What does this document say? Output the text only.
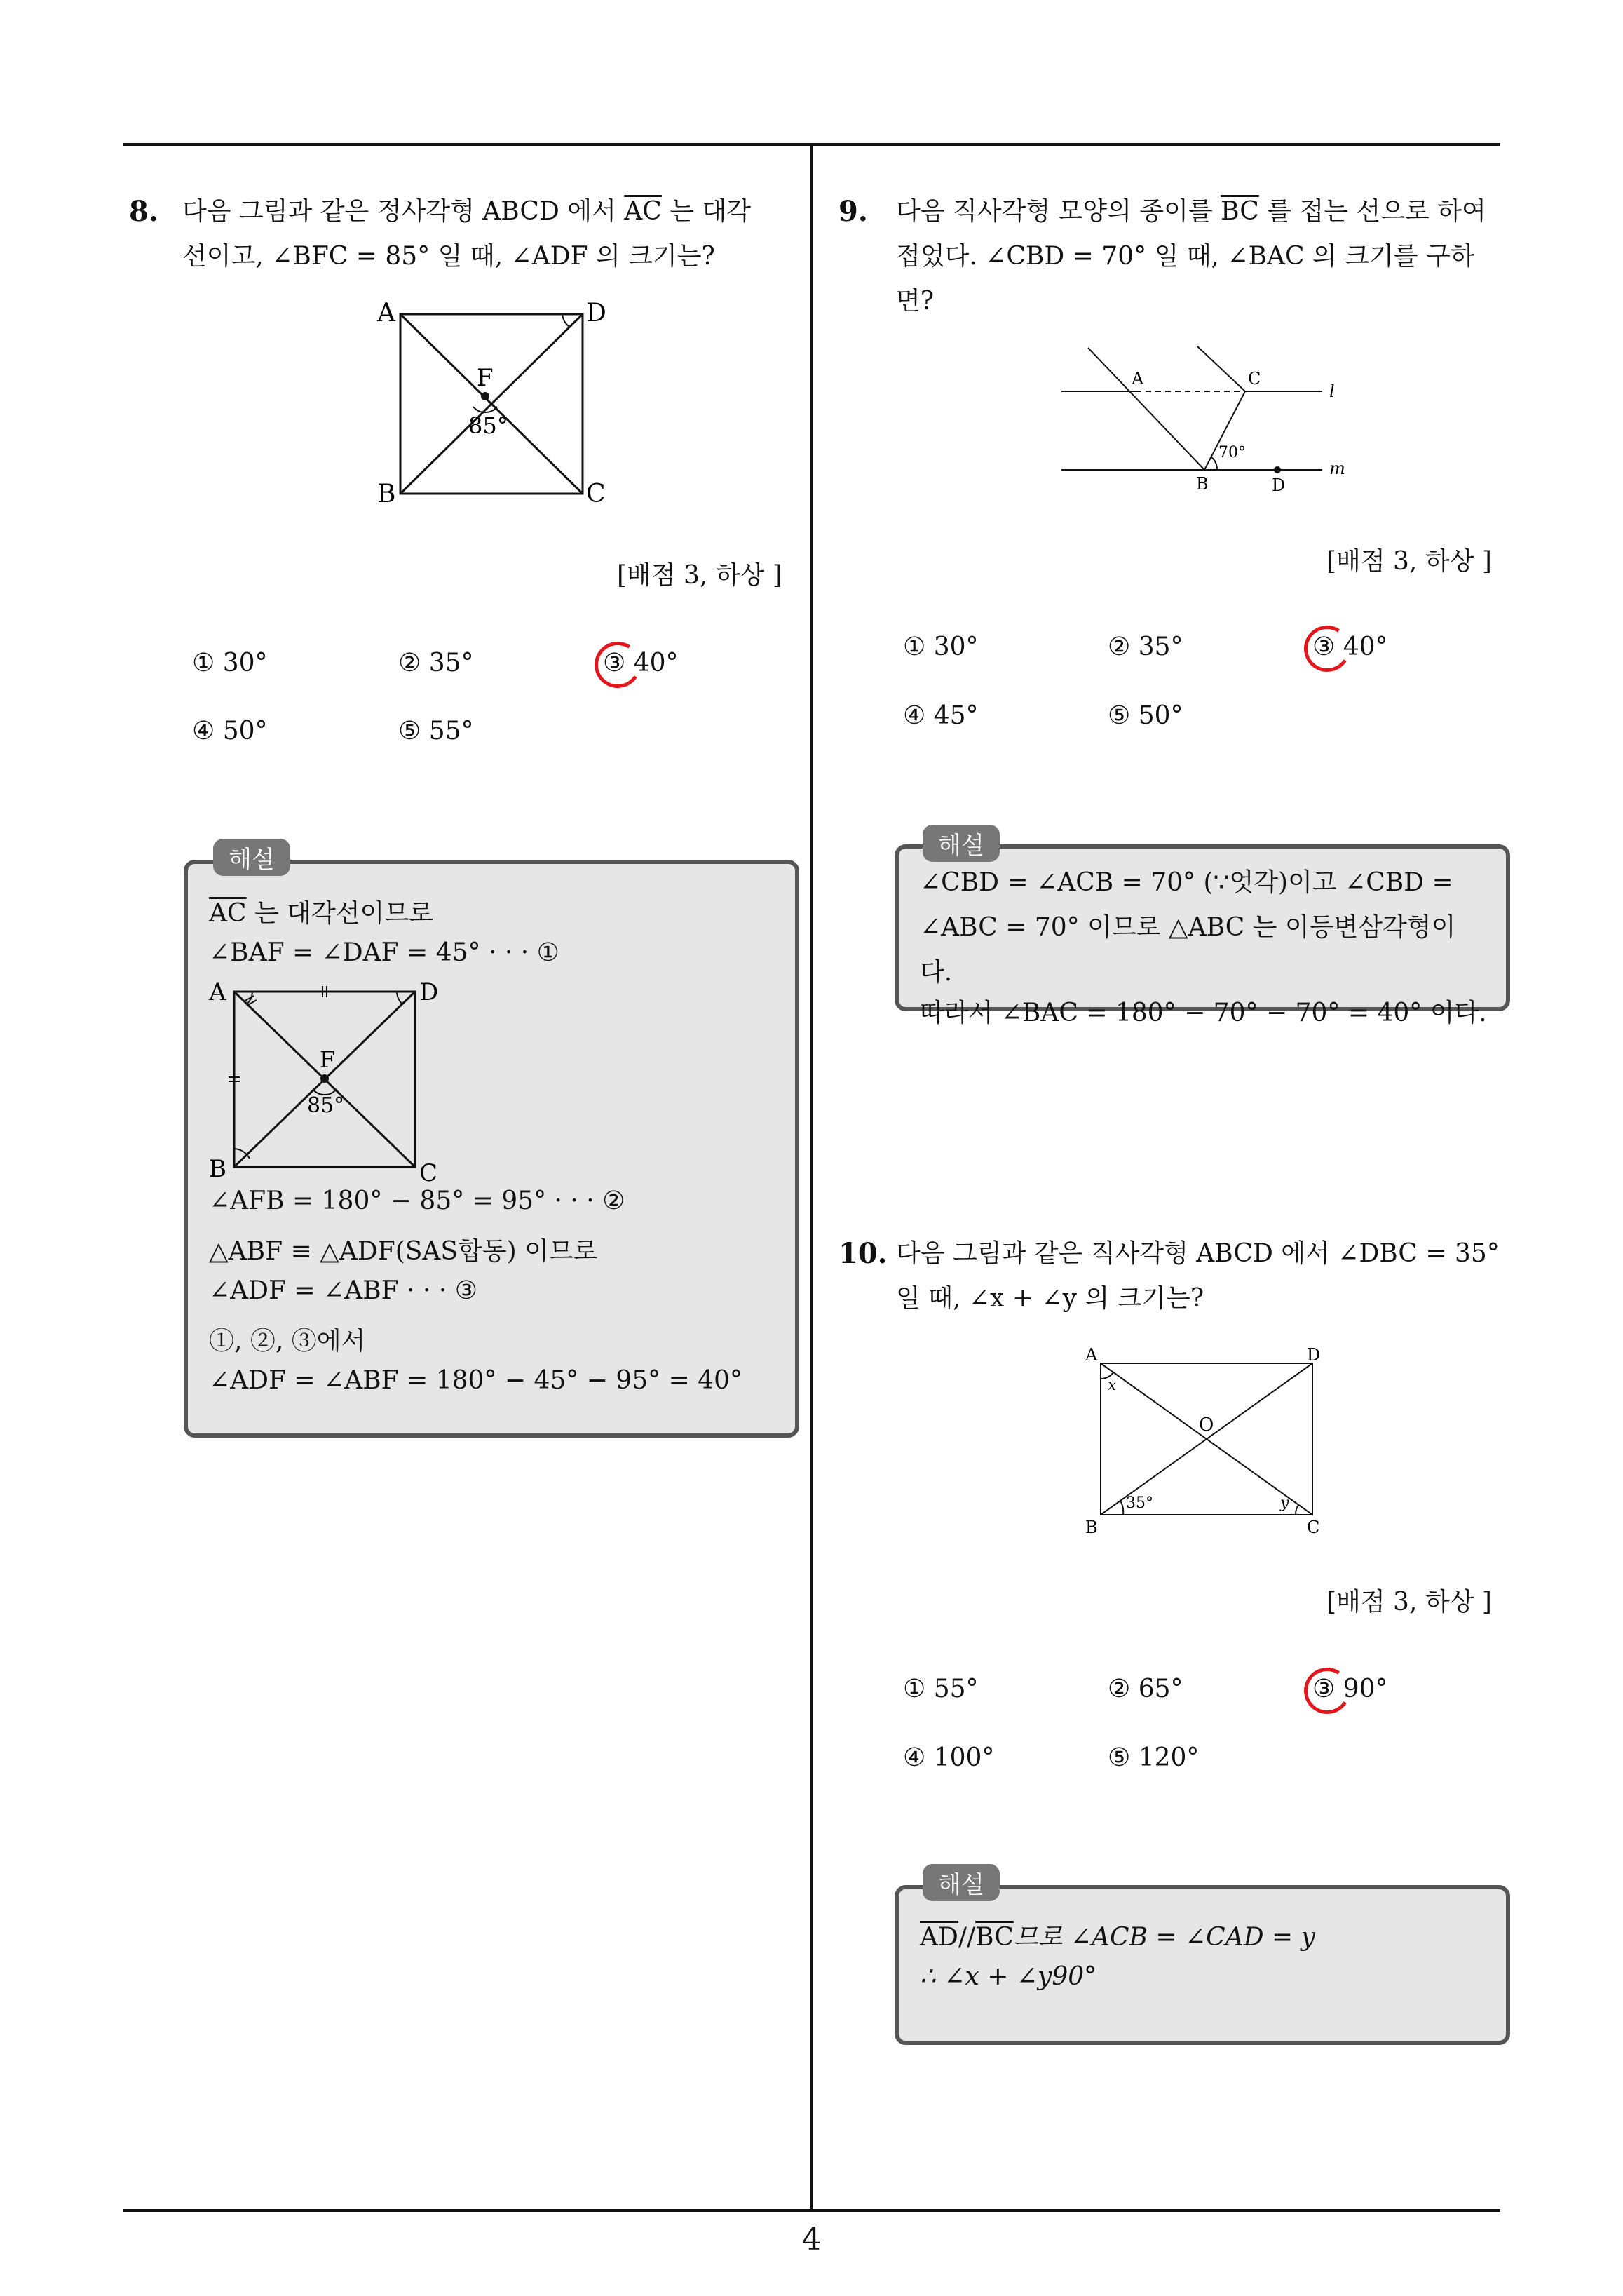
4
8. 다음 그림과 같은 정사각형 ABCD 에서 $\overline{AC}$ 는 대각
선이고, ∠BFC = 85° 일 때, ∠ADF 의 크기는?
A	D
B	C
F
85°
[배점 3, 하상 ]
① 30°	② 35°	③ 40°
④ 50°	⑤ 55°
$\overline{AC}$ 는 대각선이므로
∠BAF = ∠DAF = 45° · · · ①
A	D
B	C
F
85°
∠AFB = 180° − 85° = 95° · · · ②
△ABF ≡ △ADF(SAS합동) 이므로
∠ADF = ∠ABF · · · ③
①, ②, ③에서
∠ADF = ∠ABF = 180° − 45° − 95° = 40°
해설
9. 다음 직사각형 모양의 종이를 $\overline{BC}$ 를 접는 선으로 하여
접었다. ∠CBD = 70° 일 때, ∠BAC 의 크기를 구하
면?
A	C
B	D
l
m
70°
[배점 3, 하상 ]
① 30°	② 35°	③ 40°
④ 45°	⑤ 50°
∠CBD = ∠ACB = 70° (∵엇각)이고 ∠CBD =
∠ABC = 70° 이므로 △ABC 는 이등변삼각형이
다.
따라서 ∠BAC = 180° − 70° − 70° = 40° 이다.
해설
10. 다음 그림과 같은 직사각형 ABCD 에서 ∠DBC = 35°
일 때, ∠x + ∠y 의 크기는?
A	D
B	C
O
x
y
35°
[배점 3, 하상 ]
① 55°	② 65°	③ 90°
④ 100°	⑤ 120°
$\overline{AD}//\overline{BC}$므로 ∠ACB = ∠CAD = y
∴ ∠x + ∠y90°
해설
